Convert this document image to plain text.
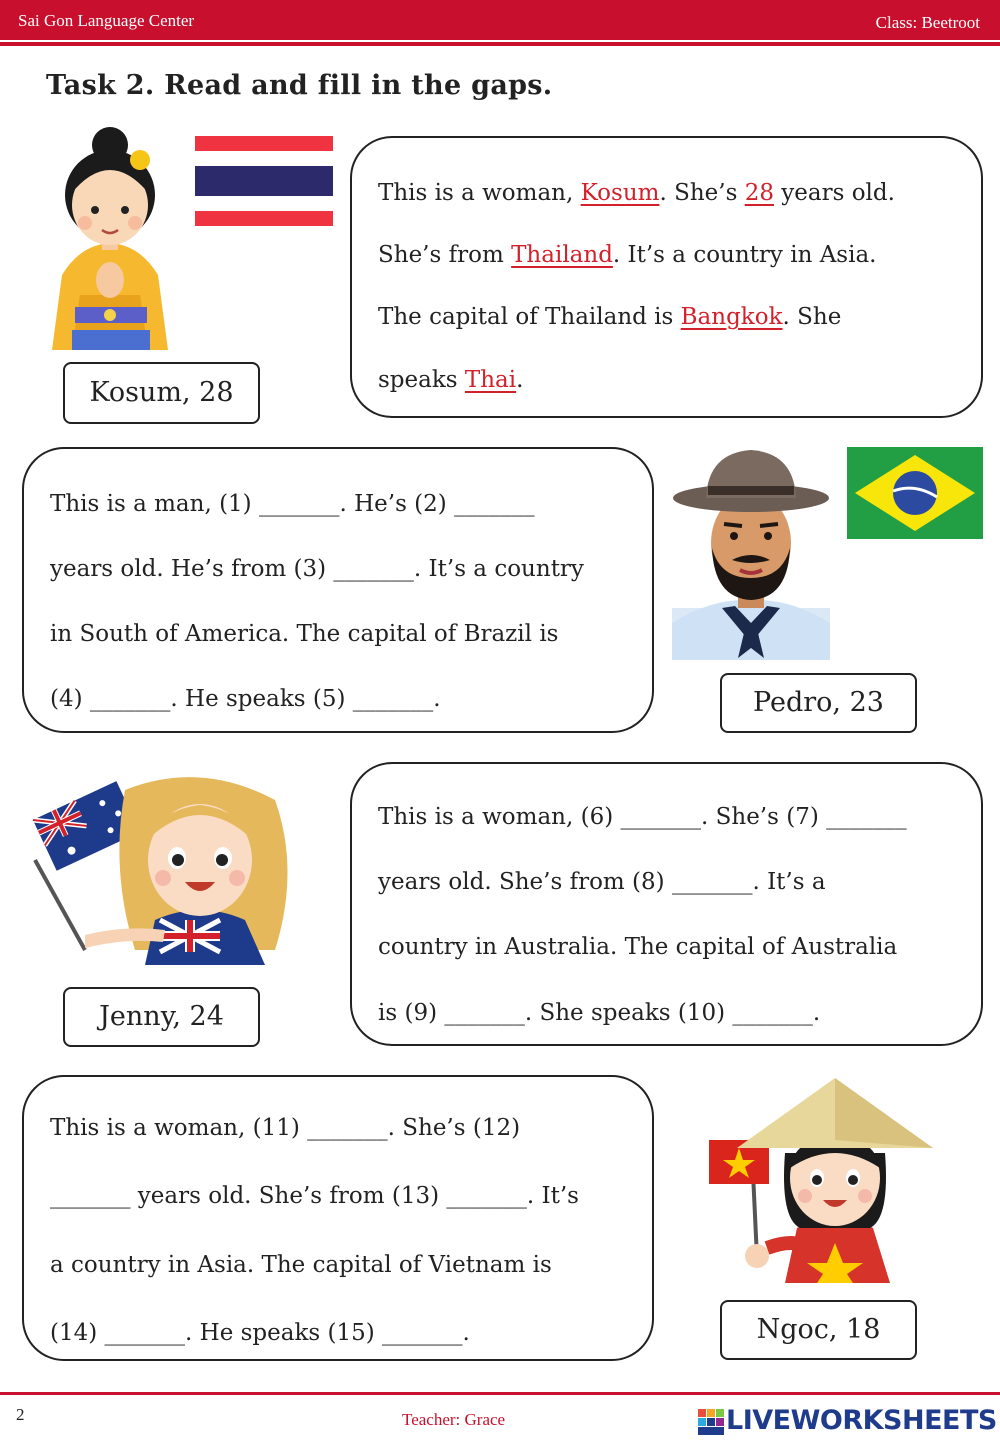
Sai Gon Language Center	Class: Beetroot
Task 2. Read and fill in the gaps.
Kosum, 28
This is a woman, Kosum. She’s 28 years old.
She’s from Thailand. It’s a country in Asia.
The capital of Thailand is Bangkok. She
speaks Thai.
This is a man, (1) _______. He’s (2) _______
years old. He’s from (3) _______. It’s a country
in South of America. The capital of Brazil is
(4) _______. He speaks (5) _______.	Pedro, 23
Jenny, 24
This is a woman, (6) _______. She’s (7) _______
years old. She’s from (8) _______. It’s a
country in Australia. The capital of Australia
is (9) _______. She speaks (10) _______.
This is a woman, (11) _______. She’s (12)
_______ years old. She’s from (13) _______. It’s
a country in Asia. The capital of Vietnam is
(14) _______. He speaks (15) _______.	Ngoc, 18
2	Teacher: Grace	LIVEWORKSHEETS
